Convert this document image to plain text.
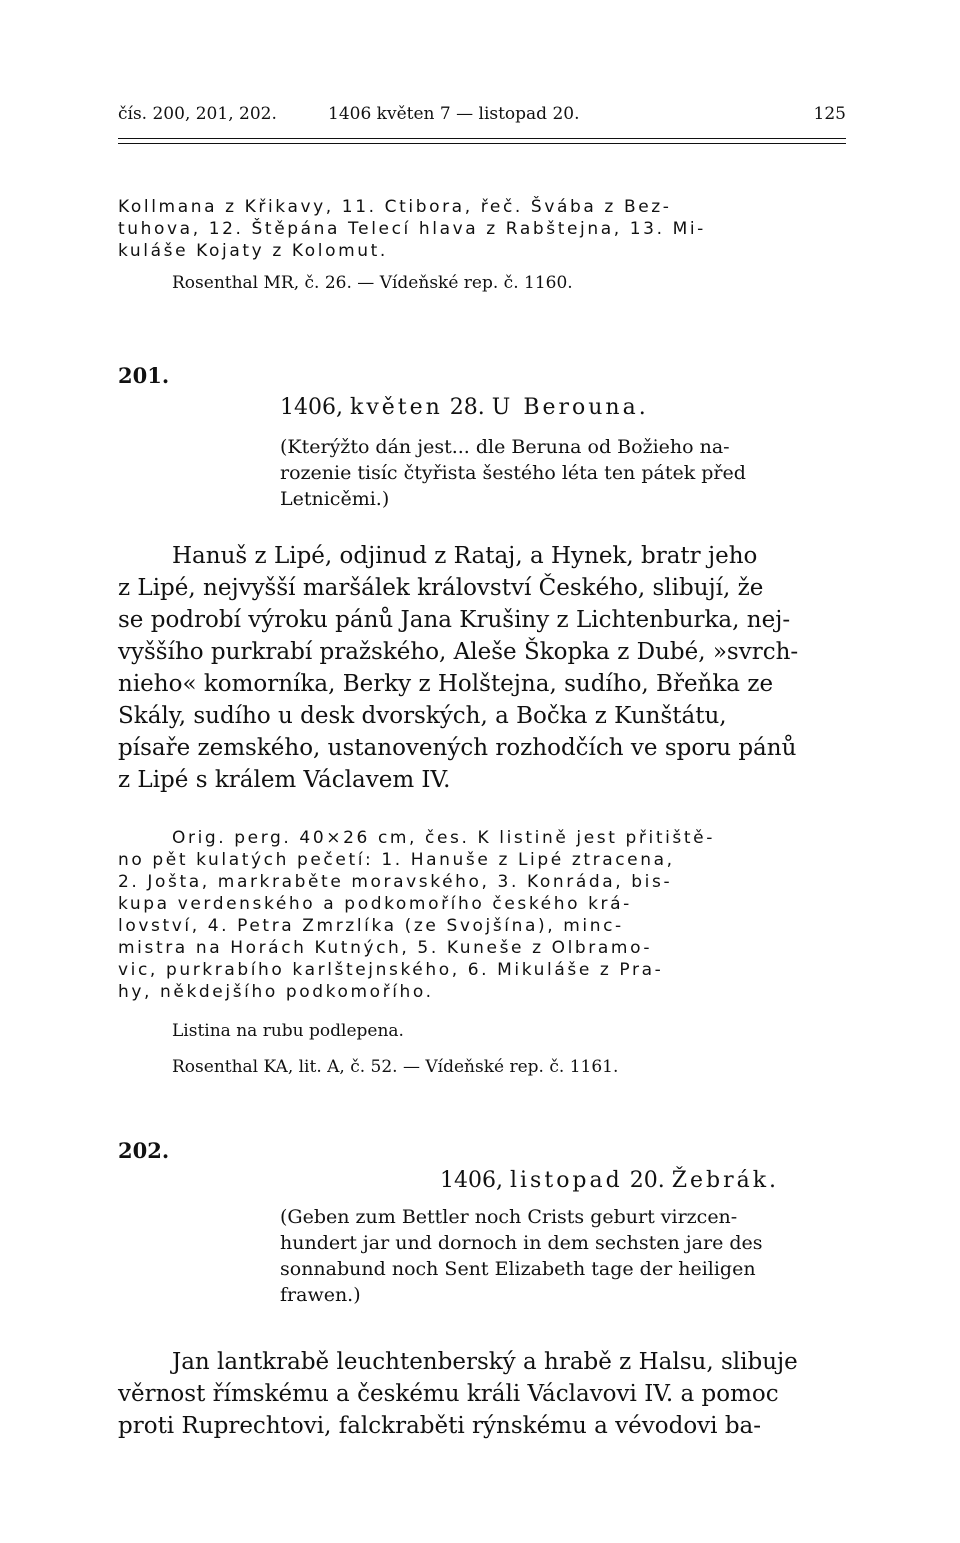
čís. 200, 201, 202.	1406 květen 7 — listopad 20.	125
Kollmana z Křikavy, 11. Ctibora, řeč. Švába z Bez-
tuhova, 12. Štěpána Telecí hlava z Rabštejna, 13. Mi-
kuláše Kojaty z Kolomut.
Rosenthal MR, č. 26. — Vídeňské rep. č. 1160.
201.
1406, květen 28. U Berouna.
(Kterýžto dán jest... dle Beruna od Božieho na-
rozenie tisíc čtyřista šestého léta ten pátek před
Letnicěmi.)
Hanuš z Lipé, odjinud z Rataj, a Hynek, bratr jeho
z Lipé, nejvyšší maršálek království Českého, slibují, že
se podrobí výroku pánů Jana Krušiny z Lichtenburka, nej-
vyššího purkrabí pražského, Aleše Škopka z Dubé, »svrch-
nieho« komorníka, Berky z Holštejna, sudího, Břeňka ze
Skály, sudího u desk dvorských, a Bočka z Kunštátu,
písaře zemského, ustanovených rozhodčích ve sporu pánů
z Lipé s králem Václavem IV.
Orig. perg. 40×26 cm, čes. K listině jest přitiště-
no pět kulatých pečetí: 1. Hanuše z Lipé ztracena,
2. Jošta, markraběte moravského, 3. Konráda, bis-
kupa verdenského a podkomořího českého krá-
lovství, 4. Petra Zmrzlíka (ze Svojšína), minc-
mistra na Horách Kutných, 5. Kuneše z Olbramo-
vic, purkrabího karlštejnského, 6. Mikuláše z Pra-
hy, někdejšího podkomořího.
Listina na rubu podlepena.
Rosenthal KA, lit. A, č. 52. — Vídeňské rep. č. 1161.
202.
1406, listopad 20. Žebrák.
(Geben zum Bettler noch Crists geburt virzcen-
hundert jar und dornoch in dem sechsten jare des
sonnabund noch Sent Elizabeth tage der heiligen
frawen.)
Jan lantkrabě leuchtenberský a hrabě z Halsu, slibuje
věrnost římskému a českému králi Václavovi IV. a pomoc
proti Ruprechtovi, falckraběti rýnskému a vévodovi ba-
